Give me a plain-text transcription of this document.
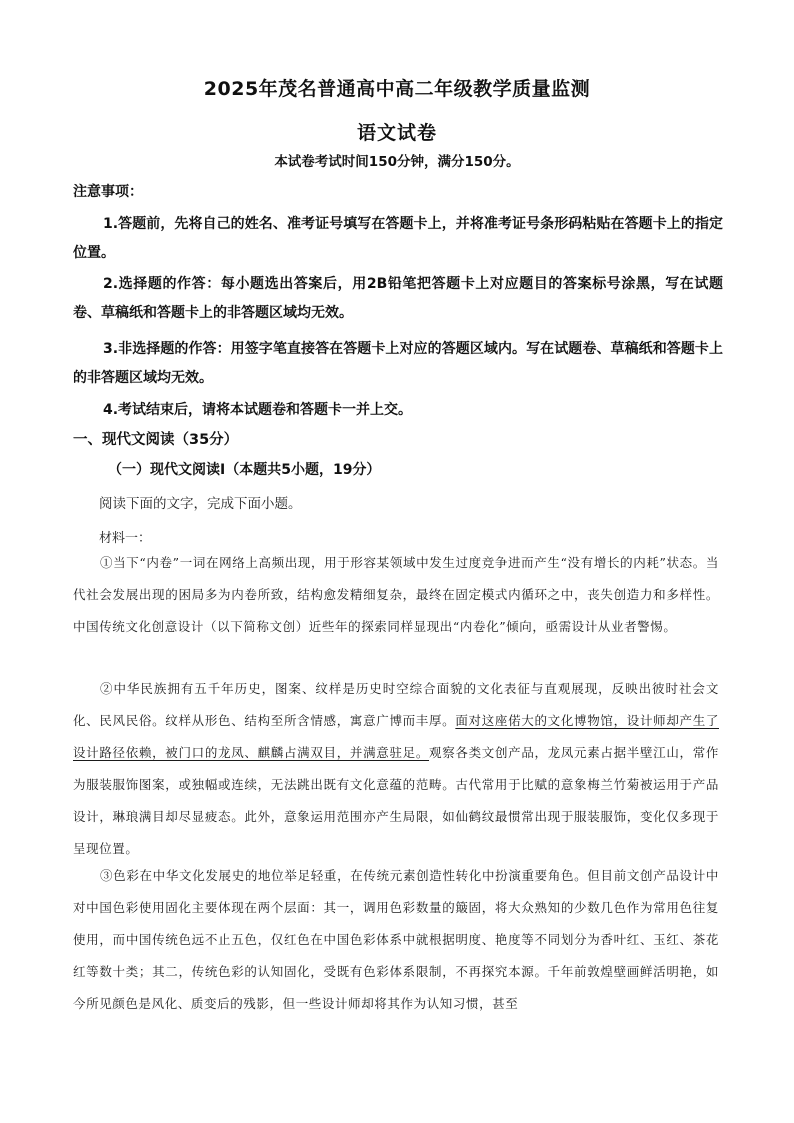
2025年茂名普通高中高二年级教学质量监测
语文试卷
本试卷考试时间150分钟，满分150分。
注意事项：
1.答题前，先将自己的姓名、准考证号填写在答题卡上，并将准考证号条形码粘贴在答题卡上的指定位置。
2.选择题的作答：每小题选出答案后，用2B铅笔把答题卡上对应题目的答案标号涂黑，写在试题卷、草稿纸和答题卡上的非答题区域均无效。
3.非选择题的作答：用签字笔直接答在答题卡上对应的答题区域内。写在试题卷、草稿纸和答题卡上的非答题区域均无效。
4.考试结束后，请将本试题卷和答题卡一并上交。
一、现代文阅读（35分）
（一）现代文阅读Ⅰ（本题共5小题，19分）
阅读下面的文字，完成下面小题。
材料一：
①当下“内卷”一词在网络上高频出现，用于形容某领域中发生过度竞争进而产生“没有增长的内耗”状态。当代社会发展出现的困局多为内卷所致，结构愈发精细复杂，最终在固定模式内循环之中，丧失创造力和多样性。中国传统文化创意设计（以下简称文创）近些年的探索同样显现出“内卷化”倾向，亟需设计从业者警惕。
②中华民族拥有五千年历史，图案、纹样是历史时空综合面貌的文化表征与直观展现，反映出彼时社会文化、民风民俗。纹样从形色、结构至所含情感，寓意广博而丰厚。面对这座偌大的文化博物馆，设计师却产生了设计路径依赖，被门口的龙凤、麒麟占满双目，并满意驻足。观察各类文创产品，龙凤元素占据半壁江山，常作为服装服饰图案，或独幅或连续，无法跳出既有文化意蕴的范畴。古代常用于比赋的意象梅兰竹菊被运用于产品设计，琳琅满目却尽显疲态。此外，意象运用范围亦产生局限，如仙鹤纹最惯常出现于服装服饰，变化仅多现于呈现位置。
③色彩在中华文化发展史的地位举足轻重，在传统元素创造性转化中扮演重要角色。但目前文创产品设计中对中国色彩使用固化主要体现在两个层面：其一，调用色彩数量的簸固，将大众熟知的少数几色作为常用色往复使用，而中国传统色远不止五色，仅红色在中国色彩体系中就根据明度、艳度等不同划分为香叶红、玉红、茶花红等数十类；其二，传统色彩的认知固化，受既有色彩体系限制，不再探究本源。千年前敦煌壁画鲜活明艳，如今所见颜色是风化、质变后的残影，但一些设计师却将其作为认知习惯，甚至
